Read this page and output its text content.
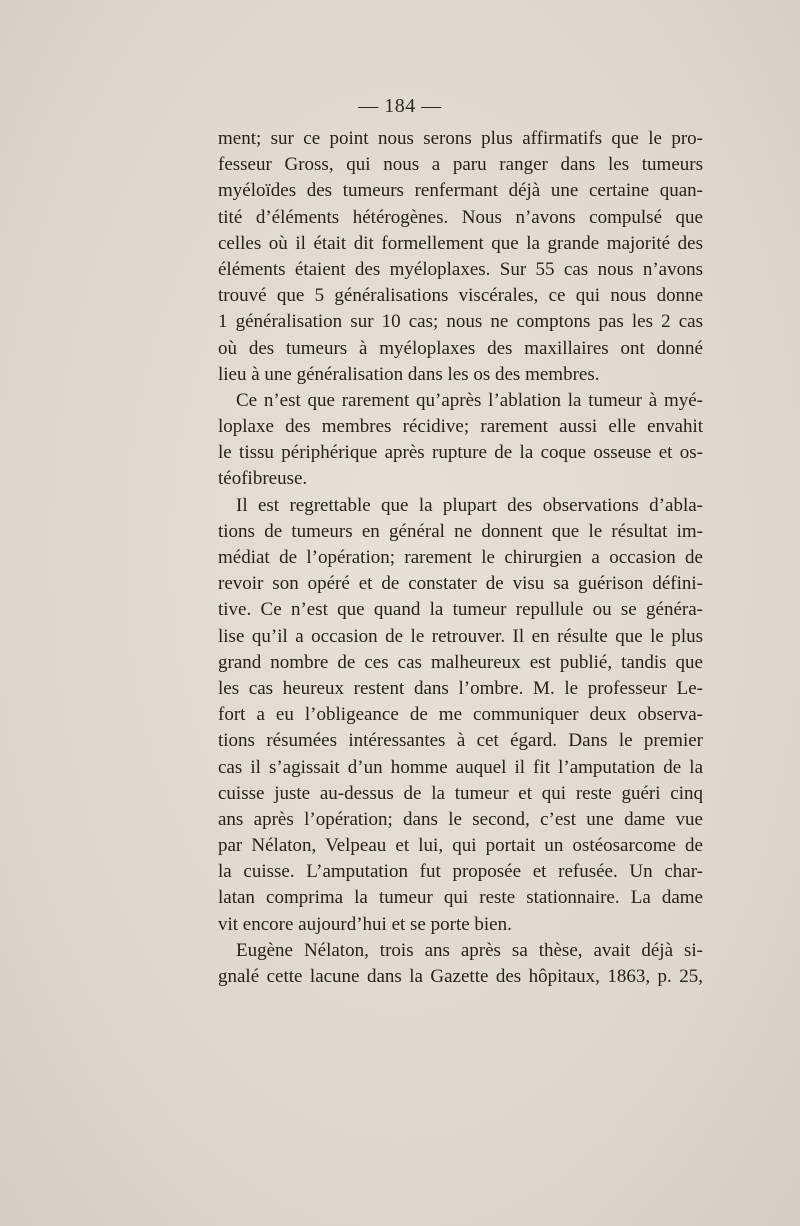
— 184 —
ment; sur ce point nous serons plus affirmatifs que le pro-
fesseur Gross, qui nous a paru ranger dans les tumeurs
myéloïdes des tumeurs renfermant déjà une certaine quan-
tité d’éléments hétérogènes. Nous n’avons compulsé que
celles où il était dit formellement que la grande majorité des
éléments étaient des myéloplaxes. Sur 55 cas nous n’avons
trouvé que 5 généralisations viscérales, ce qui nous donne
1 généralisation sur 10 cas; nous ne comptons pas les 2 cas
où des tumeurs à myéloplaxes des maxillaires ont donné
lieu à une généralisation dans les os des membres.
Ce n’est que rarement qu’après l’ablation la tumeur à myé-
loplaxe des membres récidive; rarement aussi elle envahit
le tissu périphérique après rupture de la coque osseuse et os-
téofibreuse.
Il est regrettable que la plupart des observations d’abla-
tions de tumeurs en général ne donnent que le résultat im-
médiat de l’opération; rarement le chirurgien a occasion de
revoir son opéré et de constater de visu sa guérison défini-
tive. Ce n’est que quand la tumeur repullule ou se généra-
lise qu’il a occasion de le retrouver. Il en résulte que le plus
grand nombre de ces cas malheureux est publié, tandis que
les cas heureux restent dans l’ombre. M. le professeur Le-
fort a eu l’obligeance de me communiquer deux observa-
tions résumées intéressantes à cet égard. Dans le premier
cas il s’agissait d’un homme auquel il fit l’amputation de la
cuisse juste au-dessus de la tumeur et qui reste guéri cinq
ans après l’opération; dans le second, c’est une dame vue
par Nélaton, Velpeau et lui, qui portait un ostéosarcome de
la cuisse. L’amputation fut proposée et refusée. Un char-
latan comprima la tumeur qui reste stationnaire. La dame
vit encore aujourd’hui et se porte bien.
Eugène Nélaton, trois ans après sa thèse, avait déjà si-
gnalé cette lacune dans la Gazette des hôpitaux, 1863, p. 25,
